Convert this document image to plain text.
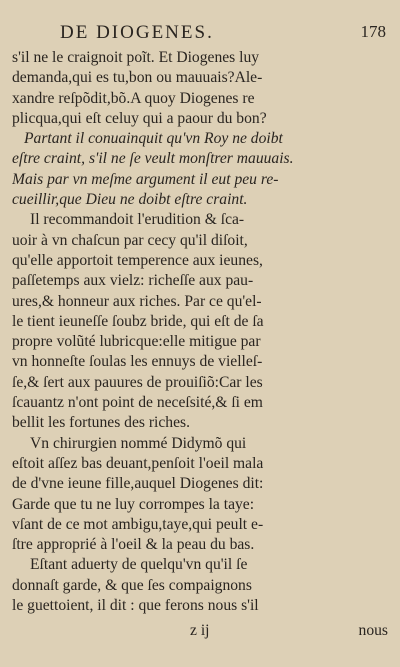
DE DIOGENES.	178
s'il ne le craignoit poĩt. Et Diogenes luy
demanda,qui es tu,bon ou mauuais?Ale-
xandre reſpõdit,bõ.A quoy Diogenes re
plicqua,qui eſt celuy qui a paour du bon?
Partant il conuainquit qu'vn Roy ne doibt
eſtre craint, s'il ne ſe veult monſtrer mauuais.
Mais par vn meſme argument il eut peu re-
cueillir,que Dieu ne doibt eſtre craint.
Il recommandoit l'erudition & ſca-
uoir à vn chaſcun par cecy qu'il diſoit,
qu'elle apportoit temperence aux ieunes,
paſſetemps aux vielz: richeſſe aux pau-
ures,& honneur aux riches. Par ce qu'el-
le tient ieuneſſe ſoubz bride, qui eſt de ſa
propre volũté lubricque:elle mitigue par
vn honneſte ſoulas les ennuys de vielleſ-
ſe,& ſert aux pauures de prouiſiõ:Car les
ſcauantz n'ont point de neceſsité,& ſi em
bellit les fortunes des riches.
Vn chirurgien nommé Didymõ qui
eſtoit aſſez bas deuant,penſoit l'oeil mala
de d'vne ieune fille,auquel Diogenes dit:
Garde que tu ne luy corrompes la taye:
vſant de ce mot ambigu,taye,qui peult e-
ſtre approprié à l'oeil & la peau du bas.
Eſtant aduerty de quelqu'vn qu'il ſe
donnaſt garde, & que ſes compaignons
le guettoient, il dit : que ferons nous s'il
z ij	nous
